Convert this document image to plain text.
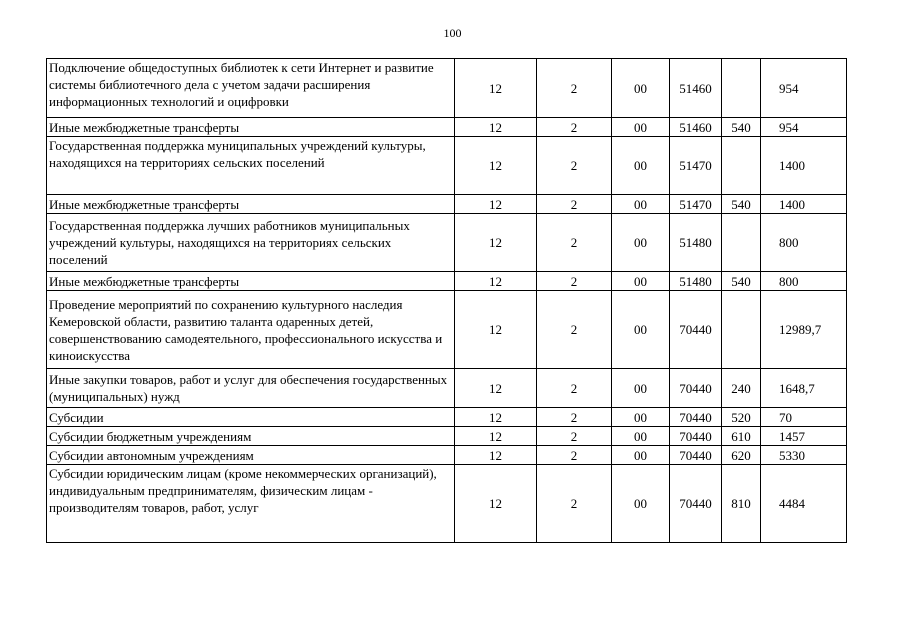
100
Подключение общедоступных библиотек к сети Интернет и развитие системы библиотечного дела с учетом задачи расширения информационных технологий и оцифровки	12	2	00	51460		954

Иные межбюджетные трансферты	12	2	00	51460	540	954

Государственная поддержка муниципальных учреждений культуры, находящихся на территориях сельских поселений	12	2	00	51470		1400

Иные межбюджетные трансферты	12	2	00	51470	540	1400

Государственная поддержка лучших работников муниципальных учреждений культуры, находящихся на территориях сельских поселений	12	2	00	51480		800

Иные межбюджетные трансферты	12	2	00	51480	540	800

Проведение мероприятий по сохранению культурного наследия Кемеровской области, развитию таланта одаренных детей, совершенствованию самодеятельного, профессионального искусства и киноискусства	12	2	00	70440		12989,7

Иные закупки товаров, работ и услуг для обеспечения государственных (муниципальных) нужд	12	2	00	70440	240	1648,7

Субсидии	12	2	00	70440	520	70

Субсидии бюджетным учреждениям	12	2	00	70440	610	1457

Субсидии автономным учреждениям	12	2	00	70440	620	5330

Субсидии юридическим лицам (кроме некоммерческих организаций), индивидуальным предпринимателям, физическим лицам - производителям товаров, работ, услуг	12	2	00	70440	810	4484
